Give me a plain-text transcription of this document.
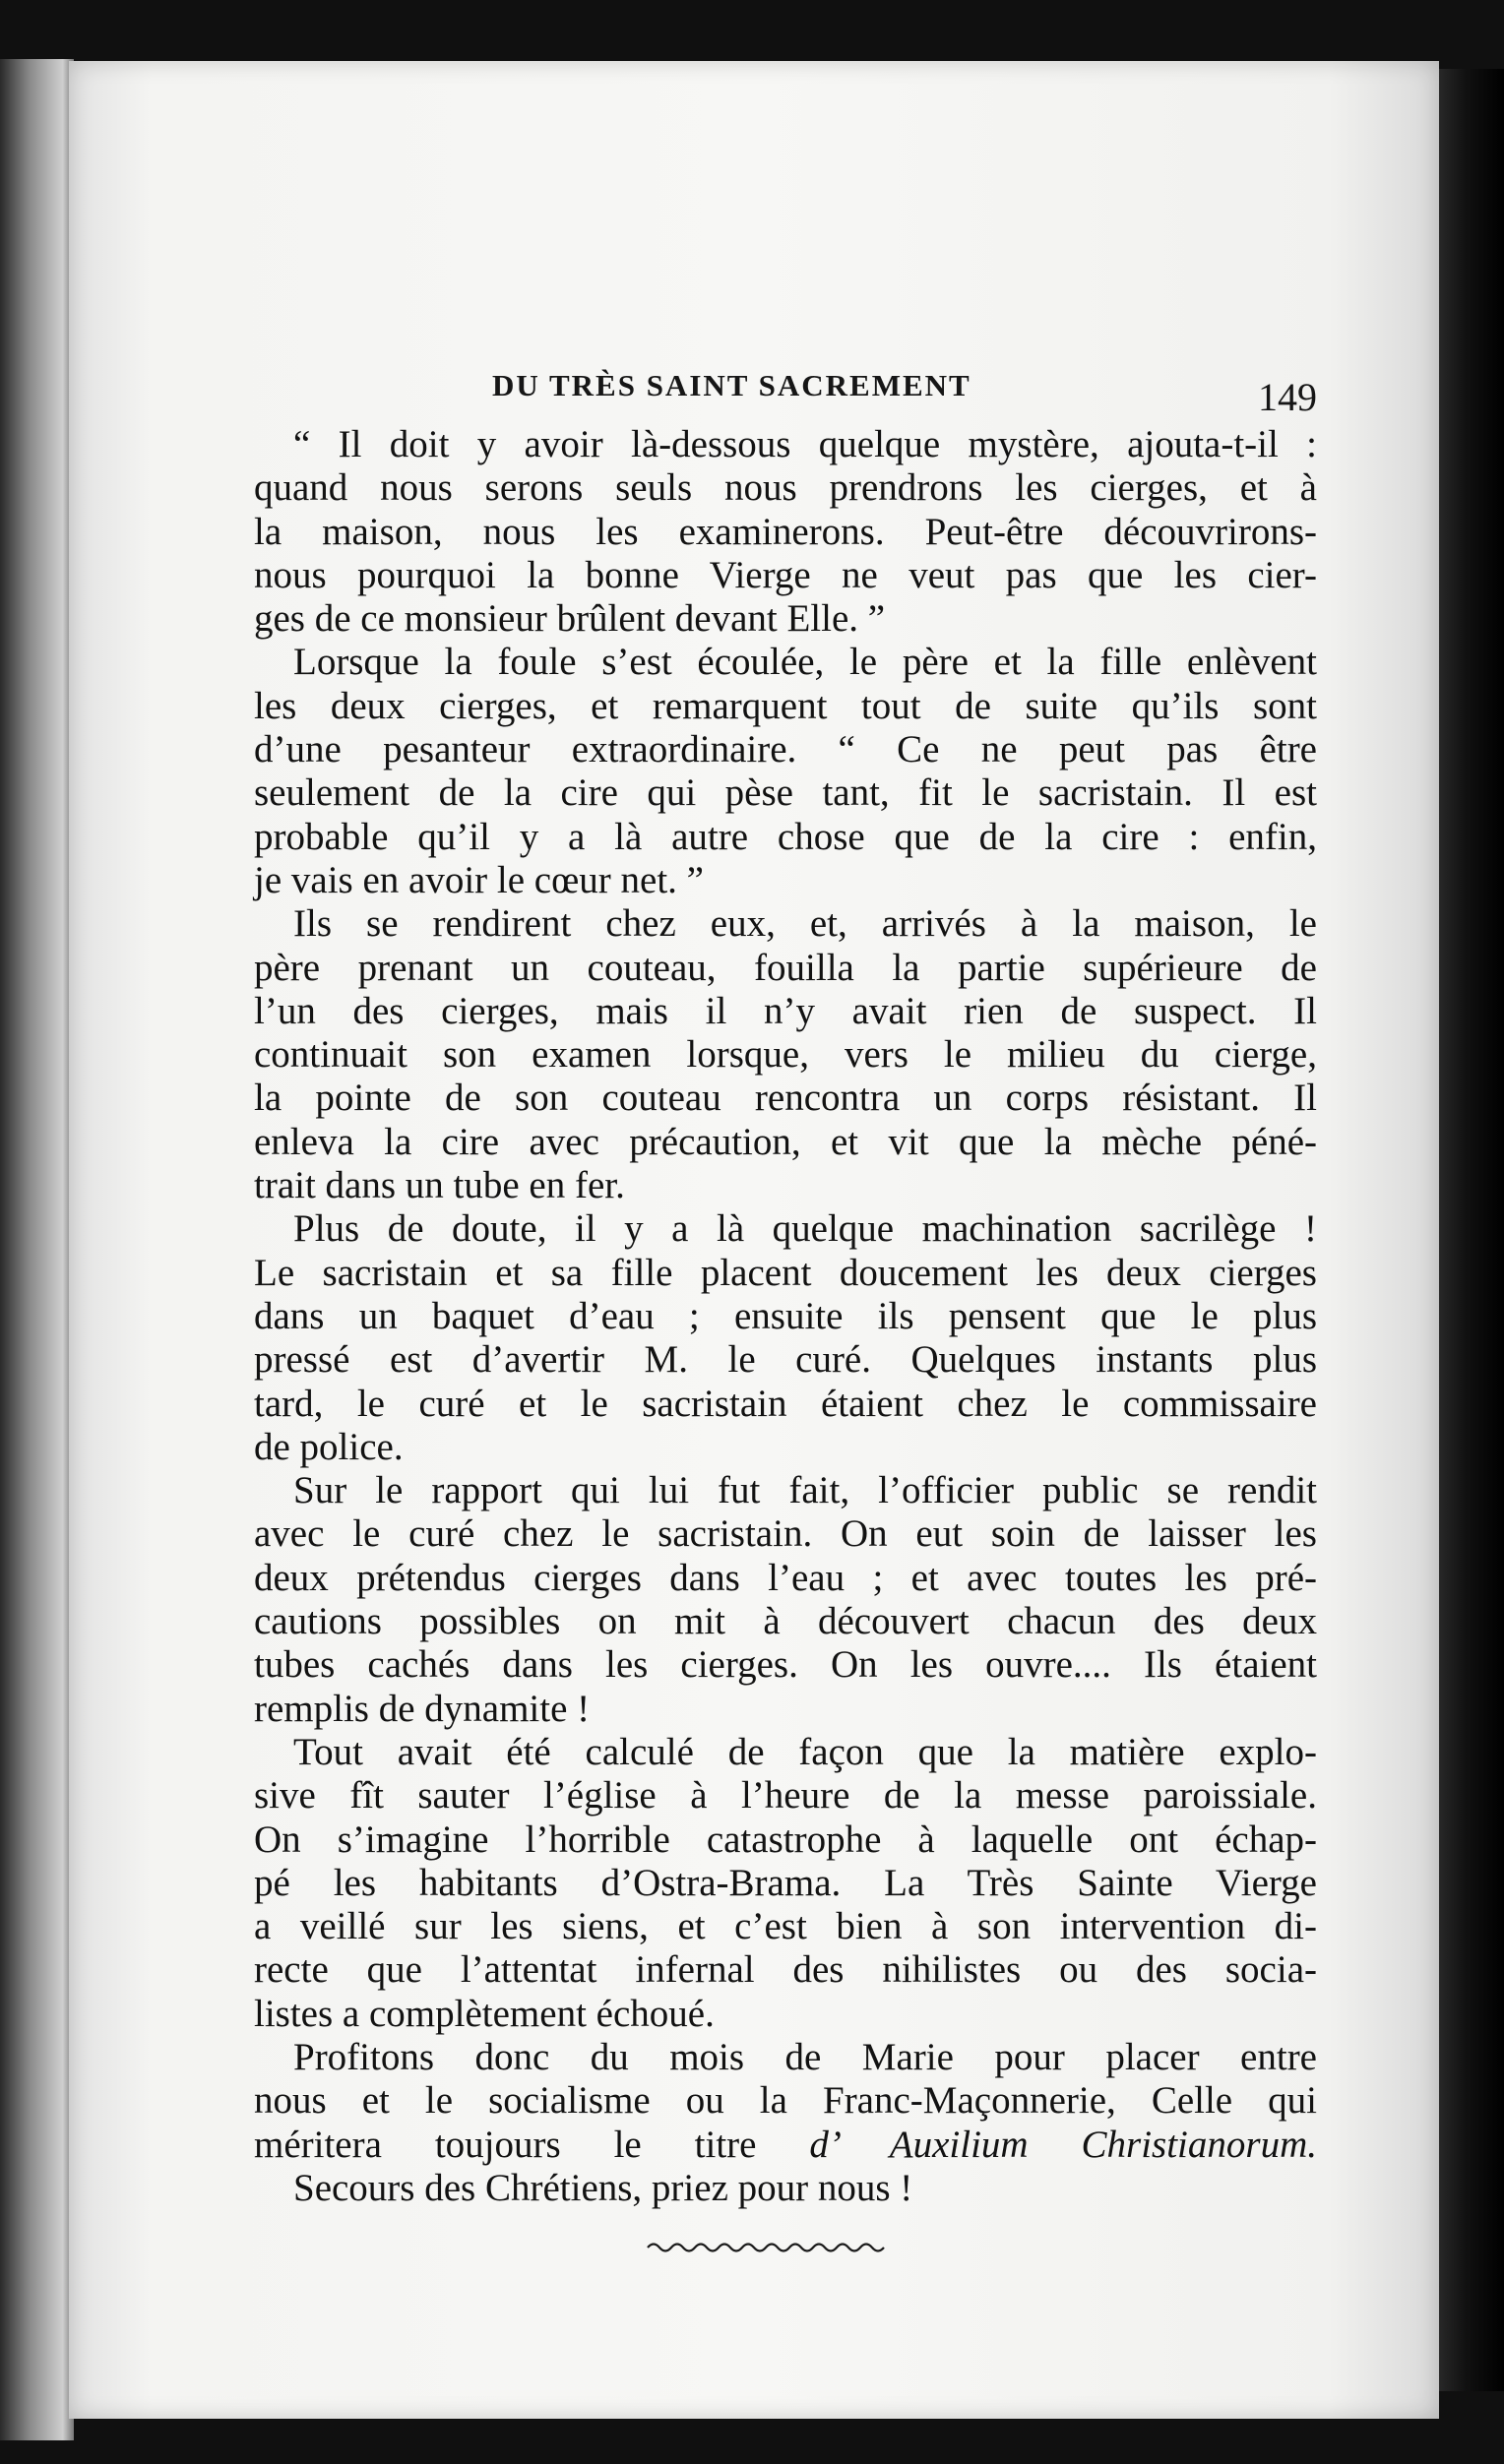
DU TRÈS SAINT SACREMENT	149
“ Il doit y avoir là-dessous quelque mystère, ajouta-t-il :
quand nous serons seuls nous prendrons les cierges, et à
la maison, nous les examinerons. Peut-être découvrirons-
nous pourquoi la bonne Vierge ne veut pas que les cier-
ges de ce monsieur brûlent devant Elle. ”
Lorsque la foule s’est écoulée, le père et la fille enlèvent
les deux cierges, et remarquent tout de suite qu’ils sont
d’une pesanteur extraordinaire. “ Ce ne peut pas être
seulement de la cire qui pèse tant, fit le sacristain. Il est
probable qu’il y a là autre chose que de la cire : enfin,
je vais en avoir le cœur net. ”
Ils se rendirent chez eux, et, arrivés à la maison, le
père prenant un couteau, fouilla la partie supérieure de
l’un des cierges, mais il n’y avait rien de suspect. Il
continuait son examen lorsque, vers le milieu du cierge,
la pointe de son couteau rencontra un corps résistant. Il
enleva la cire avec précaution, et vit que la mèche péné-
trait dans un tube en fer.
Plus de doute, il y a là quelque machination sacrilège !
Le sacristain et sa fille placent doucement les deux cierges
dans un baquet d’eau ; ensuite ils pensent que le plus
pressé est d’avertir M. le curé. Quelques instants plus
tard, le curé et le sacristain étaient chez le commissaire
de police.
Sur le rapport qui lui fut fait, l’officier public se rendit
avec le curé chez le sacristain. On eut soin de laisser les
deux prétendus cierges dans l’eau ; et avec toutes les pré-
cautions possibles on mit à découvert chacun des deux
tubes cachés dans les cierges. On les ouvre.... Ils étaient
remplis de dynamite !
Tout avait été calculé de façon que la matière explo-
sive fît sauter l’église à l’heure de la messe paroissiale.
On s’imagine l’horrible catastrophe à laquelle ont échap-
pé les habitants d’Ostra-Brama. La Très Sainte Vierge
a veillé sur les siens, et c’est bien à son intervention di-
recte que l’attentat infernal des nihilistes ou des socia-
listes a complètement échoué.
Profitons donc du mois de Marie pour placer entre
nous et le socialisme ou la Franc-Maçonnerie, Celle qui
méritera toujours le titre d’ Auxilium Christianorum.
Secours des Chrétiens, priez pour nous !
